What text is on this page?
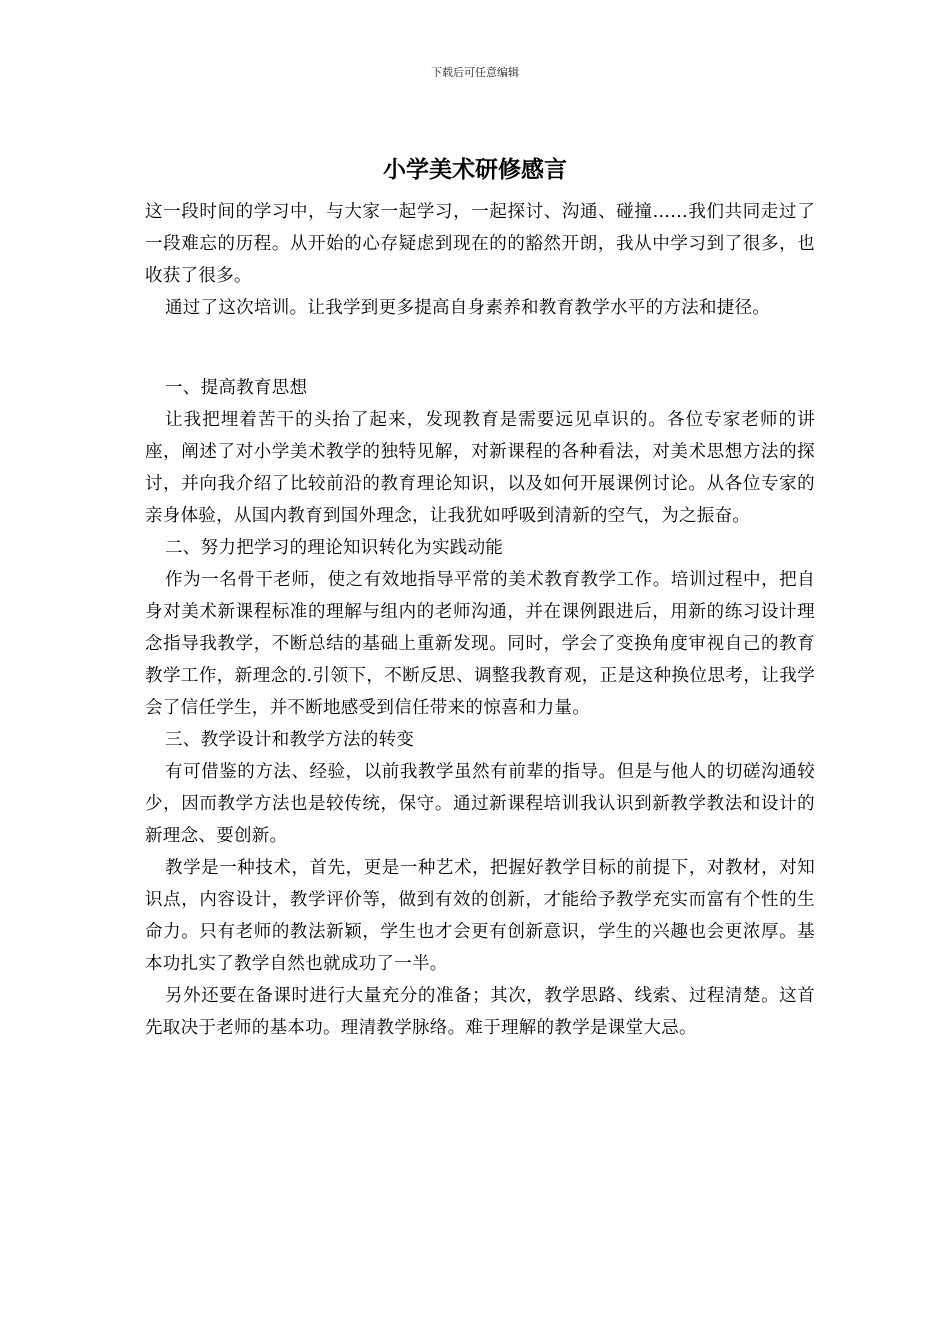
下载后可任意编辑
小学美术研修感言

这一段时间的学习中，与大家一起学习，一起探讨、沟通、碰撞……我们共同走过了一段难忘的历程。从开始的心存疑虑到现在的的豁然开朗，我从中学习到了很多，也收获了很多。

通过了这次培训。让我学到更多提高自身素养和教育教学水平的方法和捷径。

一、提高教育思想

让我把埋着苦干的头抬了起来，发现教育是需要远见卓识的。各位专家老师的讲座，阐述了对小学美术教学的独特见解，对新课程的各种看法，对美术思想方法的探讨，并向我介绍了比较前沿的教育理论知识，以及如何开展课例讨论。从各位专家的亲身体验，从国内教育到国外理念，让我犹如呼吸到清新的空气，为之振奋。

二、努力把学习的理论知识转化为实践动能

作为一名骨干老师，使之有效地指导平常的美术教育教学工作。培训过程中，把自身对美术新课程标准的理解与组内的老师沟通，并在课例跟进后，用新的练习设计理念指导我教学，不断总结的基础上重新发现。同时，学会了变换角度审视自己的教育教学工作，新理念的.引领下，不断反思、调整我教育观，正是这种换位思考，让我学会了信任学生，并不断地感受到信任带来的惊喜和力量。

三、教学设计和教学方法的转变

有可借鉴的方法、经验，以前我教学虽然有前辈的指导。但是与他人的切磋沟通较少，因而教学方法也是较传统，保守。通过新课程培训我认识到新教学教法和设计的新理念、要创新。

教学是一种技术，首先，更是一种艺术，把握好教学目标的前提下，对教材，对知识点，内容设计，教学评价等，做到有效的创新，才能给予教学充实而富有个性的生命力。只有老师的教法新颖，学生也才会更有创新意识，学生的兴趣也会更浓厚。基本功扎实了教学自然也就成功了一半。

另外还要在备课时进行大量充分的准备；其次，教学思路、线索、过程清楚。这首先取决于老师的基本功。理清教学脉络。难于理解的教学是课堂大忌。
